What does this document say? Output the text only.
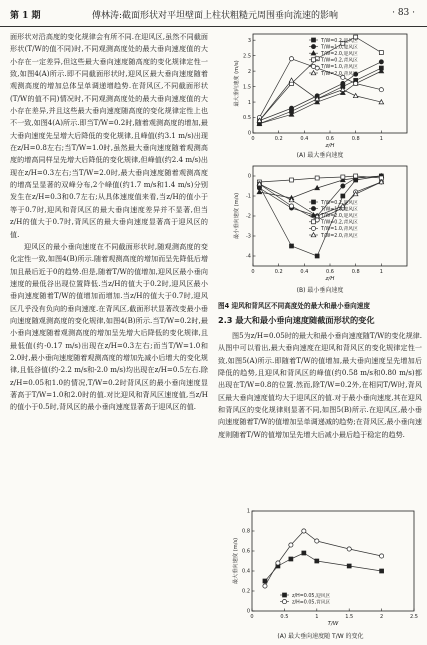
第 1 期	傅林涛:截面形状对平坦壁面上柱状粗糙元周围垂向流速的影响	· 83 ·

面形状对沿高度的变化规律会有所不同.在迎风区,虽然不同截面形状(T/W的值不同)时,不同观测高度处的最大垂向速度值的大小存在一定差异,但这些最大垂向速度随高度的变化规律定性一致,如图4(A)所示.即不同截面形状时,迎风区最大垂向速度随着观测高度的增加总体呈单调递增趋势.在背风区,不同截面形状(T/W的值不同)情况时,不同观测高度处的最大垂向速度值的大小存在差异,并且这些最大垂向速度随高度的变化规律定性上也不一致,如图4(A)所示.即当T/W=0.2时,随着观测高度的增加,最大垂向速度先呈增大后降低的变化规律,且峰值(约3.1 m/s)出现在z/H=0.8左右;当T/W=1.0时,虽然最大垂向速度随着观测高度的增高同样呈先增大后降低的变化规律,但峰值(约2.4 m/s)出现在z/H=0.3左右;当T/W=2.0时,最大垂向速度随着观测高度的增高呈显著的双峰分布,2个峰值(约1.7 m/s和1.4 m/s)分别发生在z/H=0.3和0.7左右;从具体速度值来看,当z/H的值小于等于0.7时,迎风和背风区的最大垂向速度差异并不显著,但当z/H的值大于0.7时,背风区的最大垂向速度显著高于迎风区的值.

迎风区的最小垂向速度在不同截面形状时,随观测高度的变化定性一致,如图4(B)所示.随着观测高度的增加而呈先降低后增加且最后近于0的趋势.但是,随着T/W的值增加,迎风区最小垂向速度的最低谷出现位置降低.当z/H的值大于0.2时,迎风区最小垂向速度随着T/W的值增加而增加.当z/H的值大于0.7时,迎风区几乎没有负向的垂向速度.在背风区,截面形状显著改变最小垂向速度随观测高度的变化规律,如图4(B)所示.当T/W=0.2时,最小垂向速度随着观测高度的增加呈先增大后降低的变化规律,且最低值(约-0.17 m/s)出现在z/H=0.3左右;而当T/W=1.0和2.0时,最小垂向速度随着观测高度的增加先减小后增大的变化规律,且低谷值(约-2.2 m/s和-2.0 m/s)均出现在z/H=0.5左右.除z/H=0.05和1.0的情况,T/W=0.2时背风区的最小垂向速度显著高于T/W=1.0和2.0时的值.对比迎风和背风区速度值,当z/H的值小于0.5时,背风区的最小垂向速度显著高于迎风区的值.

0	0.2	0.4	0.6	0.8	1
0
0.5
1
1.5
2
2.5
3
z/H
最大垂向速度 (m/s)
T/W=0.2,迎风区
T/W=1.0,迎风区
T/W=2.0,迎风区
T/W=0.2,背风区
T/W=1.0,背风区
T/W=2.0,背风区
(A) 最大垂向速度
0	0.2	0.4	0.6	0.8	1
-4
-3
-2
-1
0
z/H
最小垂向速度 (m/s)	T/W=0.2,迎风区
T/W=1.0,迎风区
T/W=2.0,迎风区
T/W=0.2,背风区
T/W=1.0,背风区
T/W=2.0,背风区
(B) 最小垂向速度
图4 迎风和背风区不同高度处的最大和最小垂向速度
2.3 最大和最小垂向速度随截面形状的变化

图5为z/H=0.05时的最大和最小垂向速度随T/W的变化规律.从图中可以看出,最大垂向速度在迎风和背风区的变化规律定性一致,如图5(A)所示.即随着T/W的值增加,最大垂向速度呈先增加后降低的趋势,且迎风和背风区的峰值(约0.58 m/s和0.80 m/s)都出现在T/W=0.8的位置.然而,除T/W=0.2外,在相同T/W时,背风区最大垂向速度值均大于迎风区的值.对于最小垂向速度,其在迎风和背风区的变化规律则显著不同,如图5(B)所示.在迎风区,最小垂向速度随着T/W的值增加呈单调递减的趋势;在背风区,最小垂向速度则随着T/W的值增加呈先增大后减小最后趋于稳定的趋势.

0	0.5	1	1.5	2	2.5
0
0.2
0.4
0.6
0.8
1
T/W
最大垂向速度 (m/s)
z/H=0.05,迎风区
z/H=0.05,背风区
(A) 最大垂向速度随 T/W 的变化
